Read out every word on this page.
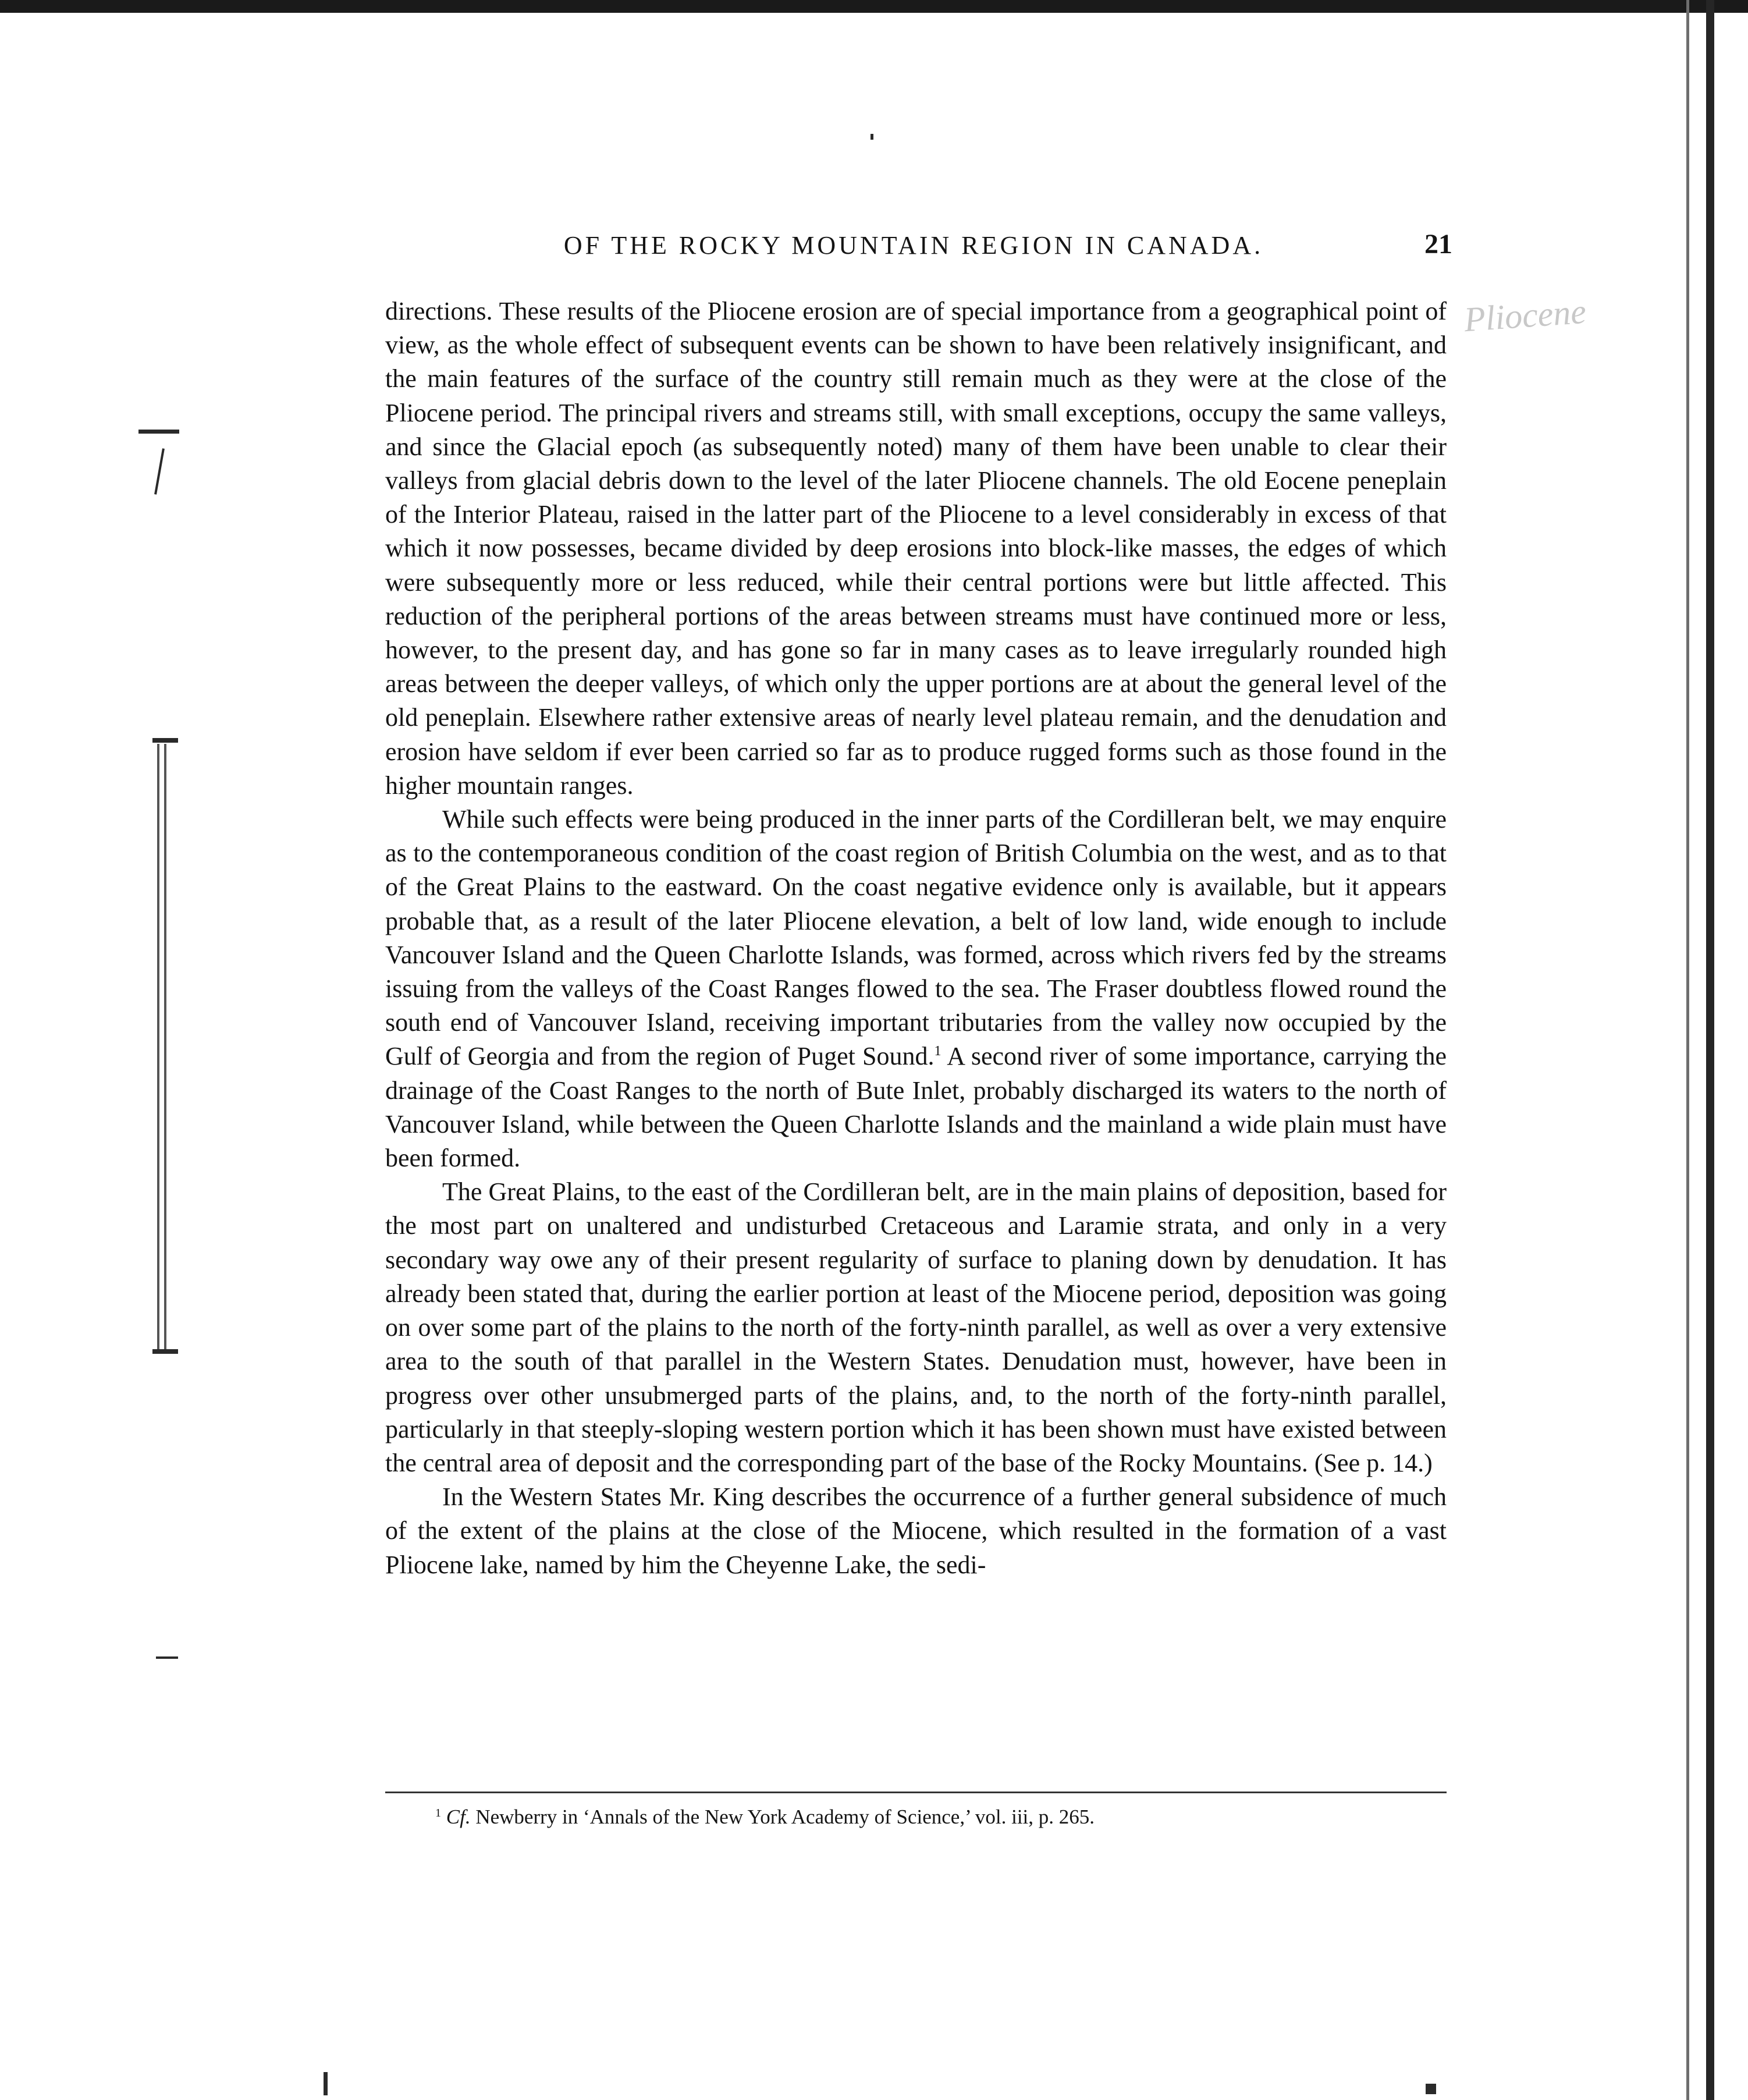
OF THE ROCKY MOUNTAIN REGION IN CANADA.	21
Pliocene

directions. These results of the Pliocene erosion are of special importance from a geographical point of view, as the whole effect of subsequent events can be shown to have been relatively insignificant, and the main features of the surface of the country still remain much as they were at the close of the Pliocene period. The principal rivers and streams still, with small exceptions, occupy the same valleys, and since the Glacial epoch (as subsequently noted) many of them have been unable to clear their valleys from glacial debris down to the level of the later Pliocene channels. The old Eocene peneplain of the Interior Plateau, raised in the latter part of the Pliocene to a level considerably in excess of that which it now possesses, became divided by deep erosions into block-like masses, the edges of which were subsequently more or less reduced, while their central portions were but little affected. This reduction of the peripheral portions of the areas between streams must have continued more or less, however, to the present day, and has gone so far in many cases as to leave irregularly rounded high areas between the deeper valleys, of which only the upper portions are at about the general level of the old peneplain. Elsewhere rather extensive areas of nearly level plateau remain, and the denudation and erosion have seldom if ever been carried so far as to produce rugged forms such as those found in the higher mountain ranges.

While such effects were being produced in the inner parts of the Cordilleran belt, we may enquire as to the contemporaneous condition of the coast region of British Columbia on the west, and as to that of the Great Plains to the eastward. On the coast negative evidence only is available, but it appears probable that, as a result of the later Pliocene elevation, a belt of low land, wide enough to include Vancouver Island and the Queen Charlotte Islands, was formed, across which rivers fed by the streams issuing from the valleys of the Coast Ranges flowed to the sea. The Fraser doubtless flowed round the south end of Vancouver Island, receiving important tributaries from the valley now occupied by the Gulf of Georgia and from the region of Puget Sound.$^1$ A second river of some importance, carrying the drainage of the Coast Ranges to the north of Bute Inlet, probably discharged its waters to the north of Vancouver Island, while between the Queen Charlotte Islands and the mainland a wide plain must have been formed.

The Great Plains, to the east of the Cordilleran belt, are in the main plains of deposition, based for the most part on unaltered and undisturbed Cretaceous and Laramie strata, and only in a very secondary way owe any of their present regularity of surface to planing down by denudation. It has already been stated that, during the earlier portion at least of the Miocene period, deposition was going on over some part of the plains to the north of the forty-ninth parallel, as well as over a very extensive area to the south of that parallel in the Western States. Denudation must, however, have been in progress over other unsubmerged parts of the plains, and, to the north of the forty-ninth parallel, particularly in that steeply-sloping western portion which it has been shown must have existed between the central area of deposit and the corresponding part of the base of the Rocky Mountains. (See p. 14.)

In the Western States Mr. King describes the occurrence of a further general subsidence of much of the extent of the plains at the close of the Miocene, which resulted in the formation of a vast Pliocene lake, named by him the Cheyenne Lake, the sedi-

$^1$ Cf. Newberry in ‘Annals of the New York Academy of Science,’ vol. iii, p. 265.
